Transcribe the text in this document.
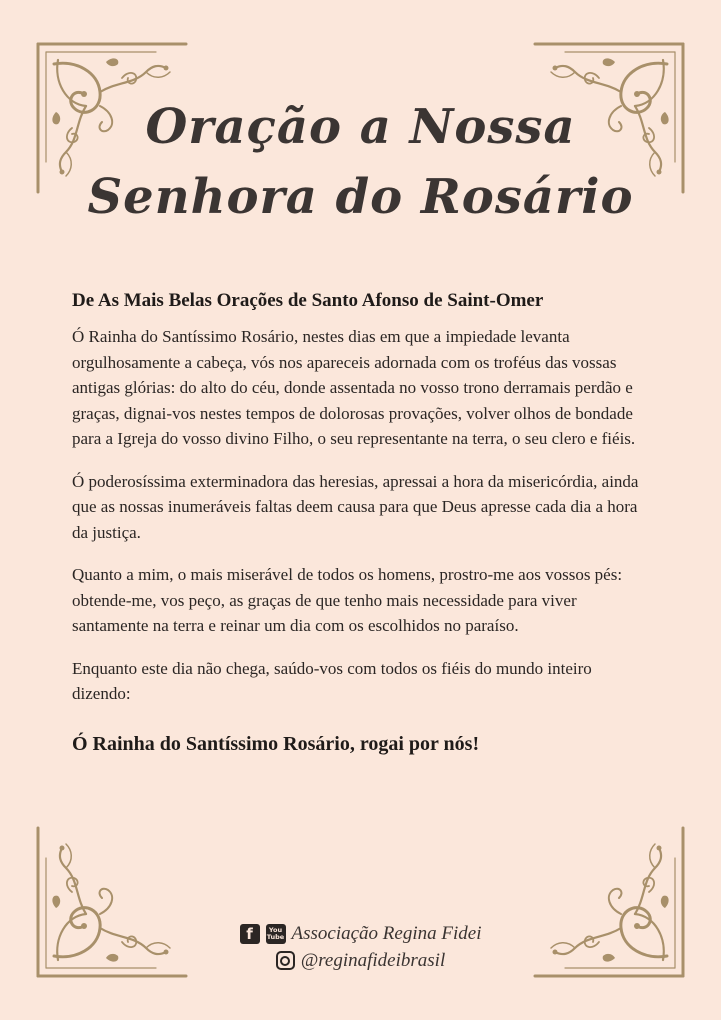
Oração a Nossa
Senhora do Rosário

De As Mais Belas Orações de Santo Afonso de Saint-Omer

Ó Rainha do Santíssimo Rosário, nestes dias em que a impiedade levanta orgulhosamente a cabeça, vós nos apareceis adornada com os troféus das vossas antigas glórias: do alto do céu, donde assentada no vosso trono derramais perdão e graças, dignai-vos nestes tempos de dolorosas provações, volver olhos de bondade para a Igreja do vosso divino Filho, o seu representante na terra, o seu clero e fiéis.

Ó poderosíssima exterminadora das heresias, apressai a hora da misericórdia, ainda que as nossas inumeráveis faltas deem causa para que Deus apresse cada dia a hora da justiça.

Quanto a mim, o mais miserável de todos os homens, prostro-me aos vossos pés: obtende-me, vos peço, as graças de que tenho mais necessidade para viver santamente na terra e reinar um dia com os escolhidos no paraíso.

Enquanto este dia não chega, saúdo-vos com todos os fiéis do mundo inteiro dizendo:

Ó Rainha do Santíssimo Rosário, rogai por nós!

f You
Tube Associação Regina Fidei
@reginafideibrasil
